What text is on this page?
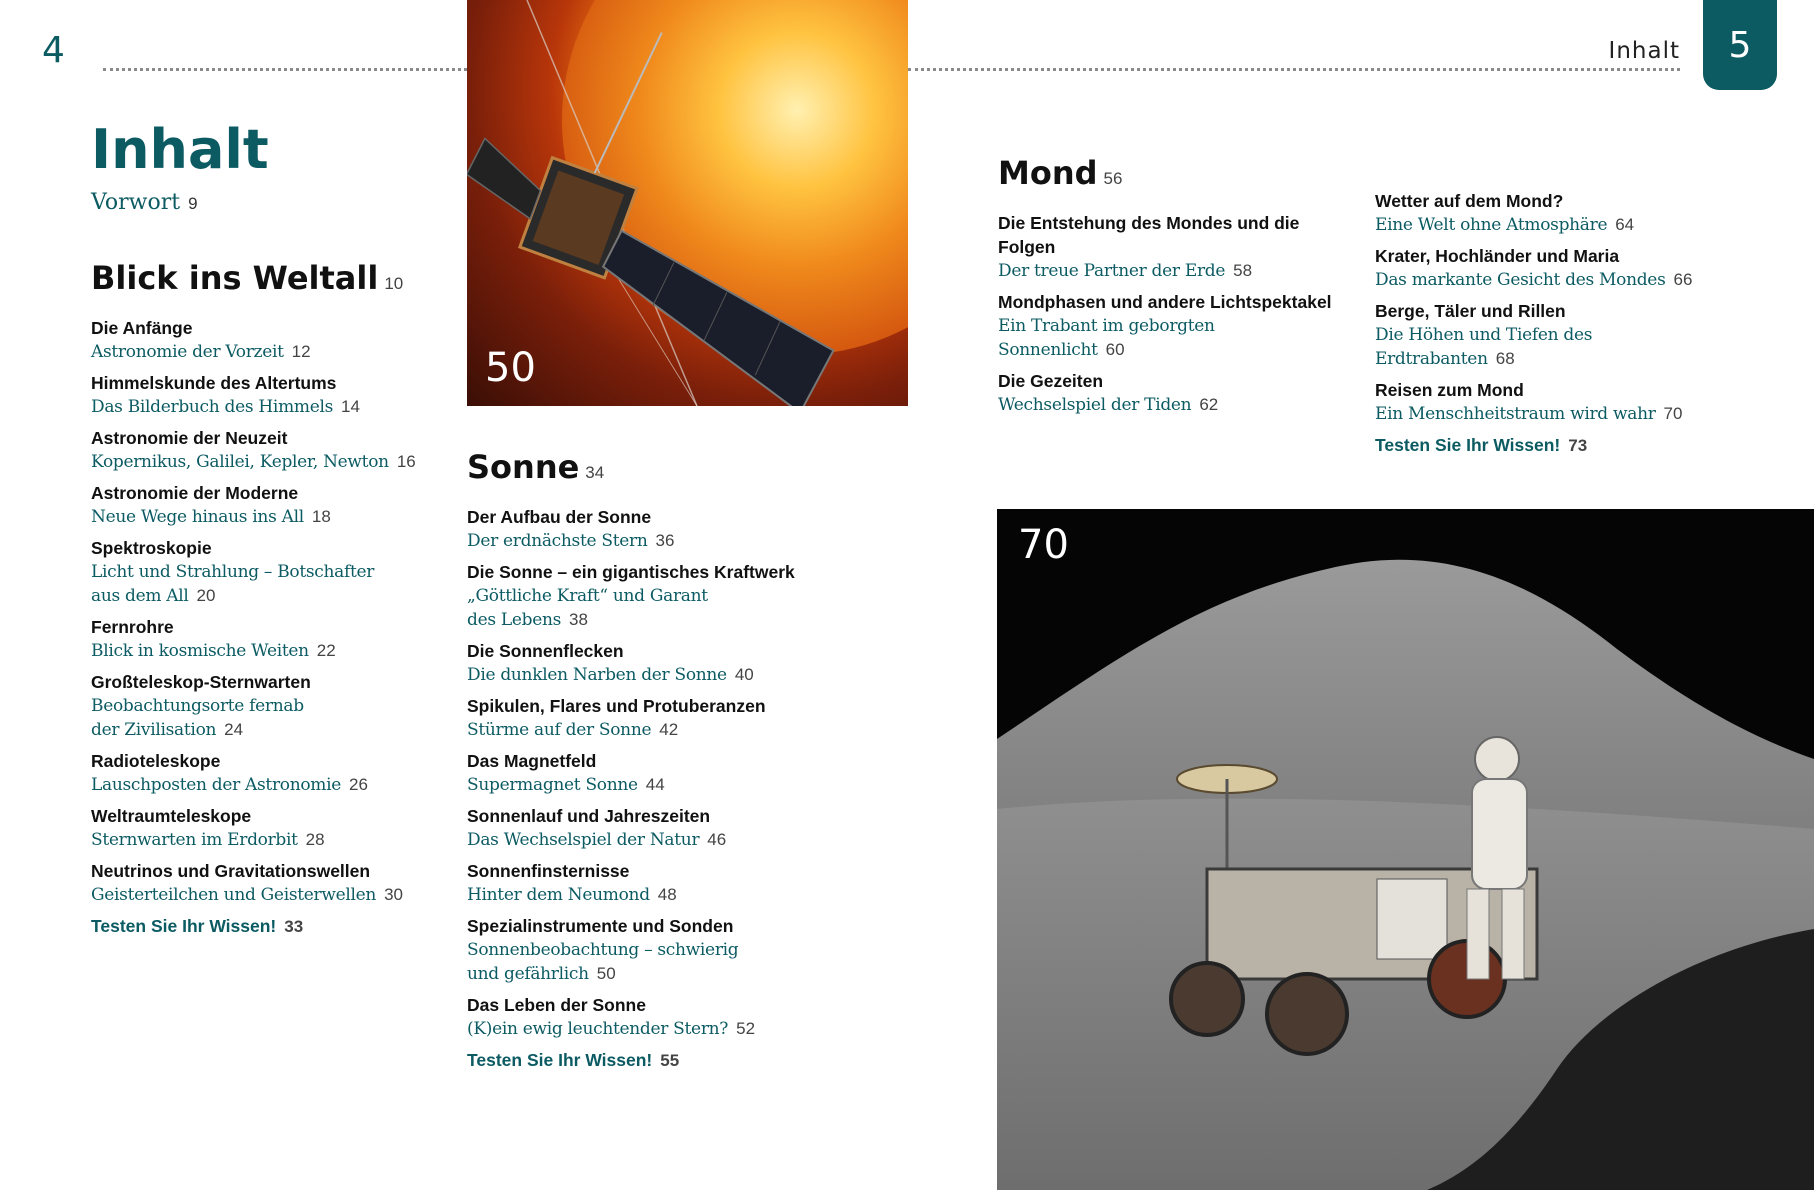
4	Inhalt 5
Inhalt
Vorwort 9
50
70
Blick ins Weltall 10
Die Anfänge
Astronomie der Vorzeit 12
Himmelskunde des Altertums
Das Bilderbuch des Himmels 14
Astronomie der Neuzeit
Kopernikus, Galilei, Kepler, Newton 16
Astronomie der Moderne
Neue Wege hinaus ins All 18
Spektroskopie
Licht und Strahlung – Botschafter
aus dem All 20
Fernrohre
Blick in kosmische Weiten 22
Großteleskop-Sternwarten
Beobachtungsorte fernab
der Zivilisation 24
Radioteleskope
Lauschposten der Astronomie 26
Weltraumteleskope
Sternwarten im Erdorbit 28
Neutrinos und Gravitationswellen
Geisterteilchen und Geisterwellen 30
Testen Sie Ihr Wissen! 33
Sonne 34
Der Aufbau der Sonne
Der erdnächste Stern 36
Die Sonne – ein gigantisches Kraftwerk
„Göttliche Kraft“ und Garant
des Lebens 38
Die Sonnenflecken
Die dunklen Narben der Sonne 40
Spikulen, Flares und Protuberanzen
Stürme auf der Sonne 42
Das Magnetfeld
Supermagnet Sonne 44
Sonnenlauf und Jahreszeiten
Das Wechselspiel der Natur 46
Sonnenfinsternisse
Hinter dem Neumond 48
Spezialinstrumente und Sonden
Sonnenbeobachtung – schwierig
und gefährlich 50
Das Leben der Sonne
(K)ein ewig leuchtender Stern? 52
Testen Sie Ihr Wissen! 55
Mond 56
Die Entstehung des Mondes und die Folgen
Der treue Partner der Erde 58
Mondphasen und andere Lichtspektakel
Ein Trabant im geborgten
Sonnenlicht 60
Die Gezeiten
Wechselspiel der Tiden 62
Wetter auf dem Mond?
Eine Welt ohne Atmosphäre 64
Krater, Hochländer und Maria
Das markante Gesicht des Mondes 66
Berge, Täler und Rillen
Die Höhen und Tiefen des
Erdtrabanten 68
Reisen zum Mond
Ein Menschheitstraum wird wahr 70
Testen Sie Ihr Wissen! 73
